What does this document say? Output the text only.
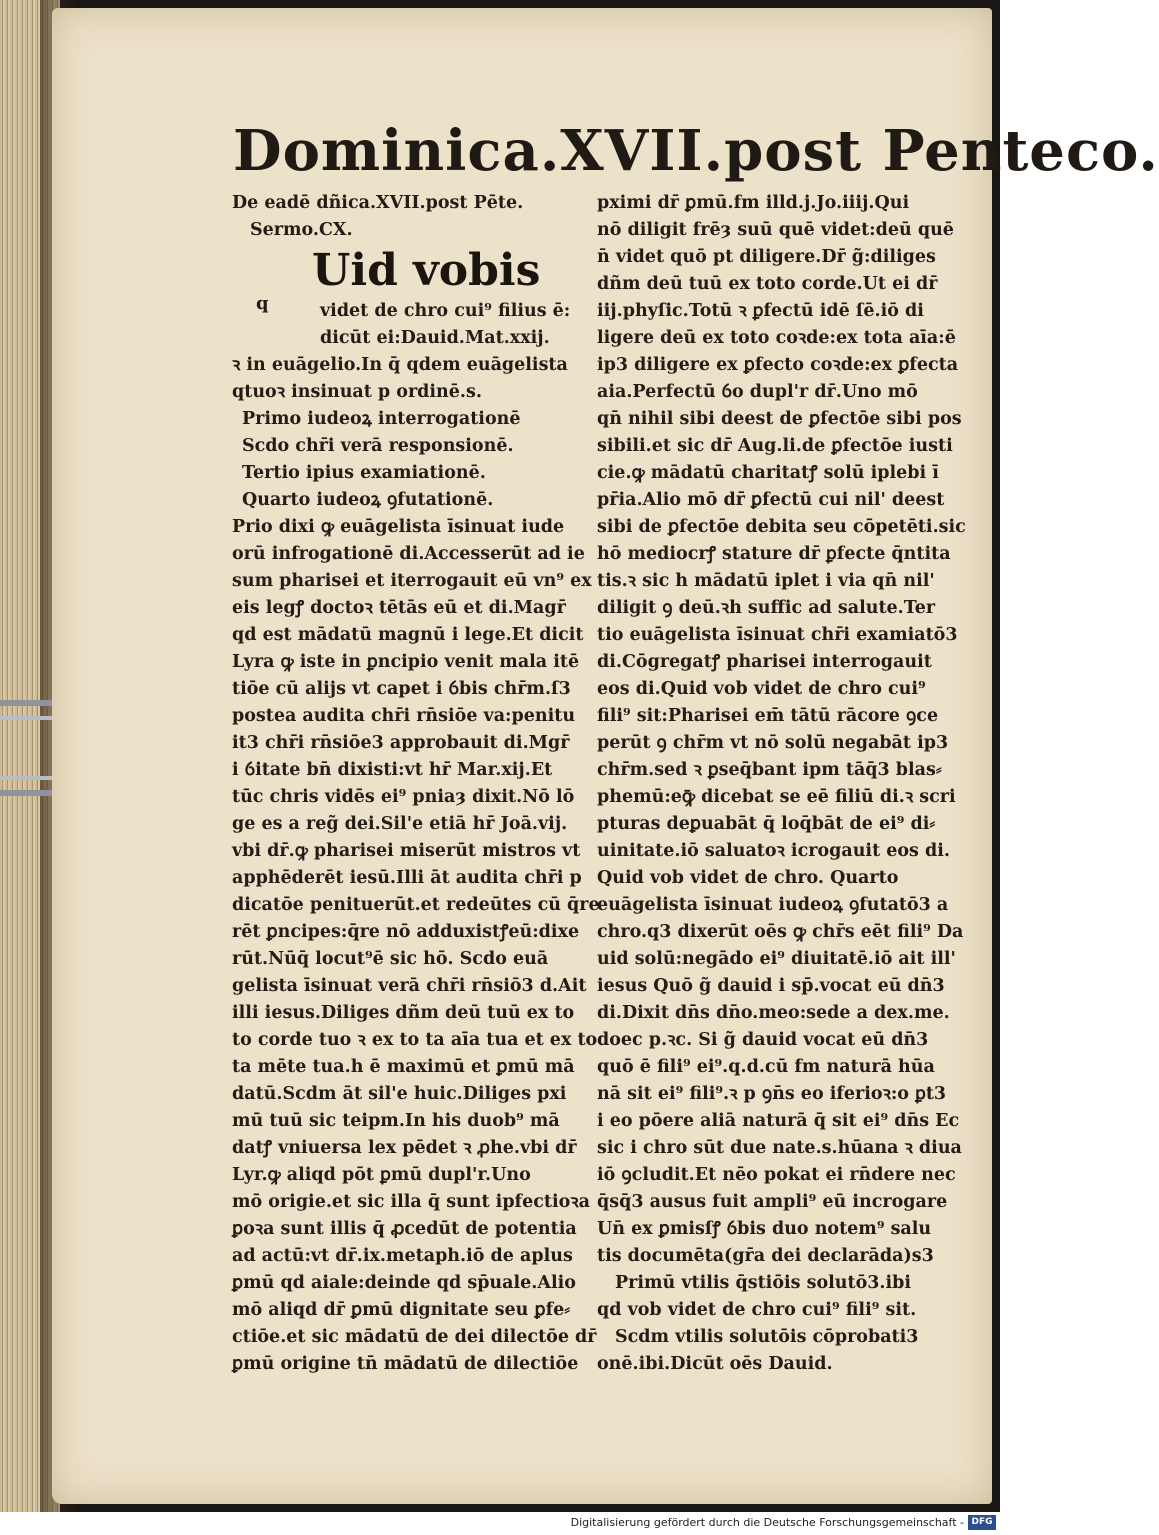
Dominica.XVII.post Penteco.
De eadē dñica.XVII.post Pēte.
Sermo.CX.
Uid vobis
videt de chro cui⁹ filius ē:
dicūt ei:Dauid.Mat.xxij.
ꝛ in euāgelio.In q̄ qdem euāgelista
qtuoꝛ insinuat p ordinē.s.
Primo iudeoꝝ interrogationē
Scdo chr̄i verā responsionē.
Tertio ipius examiationē.
Quarto iudeoꝝ ꝯfutationē.
Prio dixi ꝙ euāgelista īsinuat iude
orū infrogationē di.Accesserūt ad ie
sum pharisei et iterrogauit eū vn⁹ ex
eis legꝭ doctoꝛ tētās eū et di.Magr̄
qd est mādatū magnū i lege.Et dicit
Lyra ꝙ iste in ꝑncipio venit mala itē
tiōe cū alijs vt capet i ỽbis chr̄m.ſ3
postea audita chr̄i rn̄siōe va:penitu
it3 chr̄i rn̄siōe3 approbauit di.Mgr̄
i ỽitate bn̄ dixisti:vt hr̄ Mar.xij.Et
tūc chris vidēs ei⁹ pniaȝ dixit.Nō lō
ge es a reg̃ dei.Sil'e etiā hr̄ Joā.vij.
vbi dr̄.ꝙ pharisei miserūt mistros vt
apphēderēt iesū.Illi āt audita chr̄i p
dicatōe penituerūt.et redeūtes cū q̄re
rēt ꝑncipes:q̄re nō adduxistꝭeū:dixe
rūt.Nūq̄ locut⁹ē sic hō. Scdo euā
gelista īsinuat verā chr̄i rn̄siō3 d.Ait
illi iesus.Diliges dñm deū tuū ex to
to corde tuo ꝛ ex to ta aīa tua et ex to
ta mēte tua.h ē maximū et ꝑmū mā
datū.Scdm āt sil'e huic.Diliges pxi
mū tuū sic teipm.In his duob⁹ mā
datꝭ vniuersa lex pēdet ꝛ ꝓhe.vbi dr̄
Lyr.ꝙ aliqd pōt ꝑmū dupl'r.Uno
mō origie.et sic illa q̄ sunt ipfectioꝛa
ꝑoꝛa sunt illis q̄ ꝓcedūt de potentia
ad actū:vt dr̄.ix.metaph.iō de aplus
ꝑmū qd aiale:deinde qd sp̄uale.Alio
mō aliqd dr̄ ꝑmū dignitate seu ꝑfe⸗
ctiōe.et sic mādatū de dei dilectōe dr̄
ꝑmū origine tn̄ mādatū de dilectiōe
q
pximi dr̄ ꝑmū.fm illd.j.Jo.iiij.Qui
nō diligit frēȝ suū quē videt:deū quē
n̄ videt quō pt diligere.Dr̄ g̃:diliges
dñm deū tuū ex toto corde.Ut ei dr̄
iij.phyſic.Totū ꝛ ꝑfectū idē ſē.iō di
ligere deū ex toto coꝛde:ex tota aīa:ē
ip3 diligere ex ꝑfecto coꝛde:ex ꝑfecta
aia.Perfectū ỽo dupl'r dr̄.Uno mō
qn̄ nihil sibi deest de ꝑfectōe sibi pos
sibili.et sic dr̄ Aug.li.de ꝑfectōe iusti
cie.ꝙ mādatū charitatꝭ solū iplebi ī
pr̄ia.Alio mō dr̄ ꝑfectū cui nil' deest
sibi de ꝑfectōe debita seu cōpetēti.sic
hō mediocrꝭ stature dr̄ ꝑfecte q̄ntita
tis.ꝛ sic h mādatū iplet i via qn̄ nil'
diligit ꝯ deū.ꝛh suffic ad salute.Ter
tio euāgelista īsinuat chr̄i examiatō3
di.Cōgregatꝭ pharisei interrogauit
eos di.Quid vob videt de chro cui⁹
fili⁹ sit:Pharisei em̄ tātū rācore ꝯce
perūt ꝯ chr̄m vt nō solū negabāt ip3
chr̄m.sed ꝛ ꝑseq̄bant ipm tāq̄3 blas⸗
phemū:eꝙ̄ dicebat se eē filiū di.ꝛ scri
pturas deꝑuabāt q̄ loq̄bāt de ei⁹ di⸗
uinitate.iō saluatoꝛ icrogauit eos di.
Quid vob videt de chro. Quarto
euāgelista īsinuat iudeoꝝ ꝯfutatō3 a
chro.q3 dixerūt oēs ꝙ chr̄s eēt fili⁹ Da
uid solū:negādo ei⁹ diuitatē.iō ait ill'
iesus Quō g̃ dauid i sp̄.vocat eū dn̄3
di.Dixit dn̄s dn̄o.meo:sede a dex.me.
doec p.ꝛc. Si g̃ dauid vocat eū dn̄3
quō ē fili⁹ ei⁹.q.d.cū fm naturā hūa
nā sit ei⁹ fili⁹.ꝛ p ꝯn̄s eo iferioꝛ:o ꝑt3
i eo pōere aliā naturā q̄ sit ei⁹ dn̄s Ec
sic i chro sūt due nate.s.hūana ꝛ diua
iō ꝯcludit.Et nēo pokat ei rn̄dere nec
q̄sq̄3 ausus fuit ampli⁹ eū incrogare
Un̄ ex ꝑmisſꝭ ỽbis duo notem⁹ salu
tis documēta(gr̄a dei declarāda)s3
Primū vtilis q̄stiōis solutō3.ibi
qd vob videt de chro cui⁹ fili⁹ sit.
Scdm vtilis solutōis cōprobati3
onē.ibi.Dicūt oēs Dauid.
Digitalisierung gefördert durch die Deutsche Forschungsgemeinschaft - DFG
